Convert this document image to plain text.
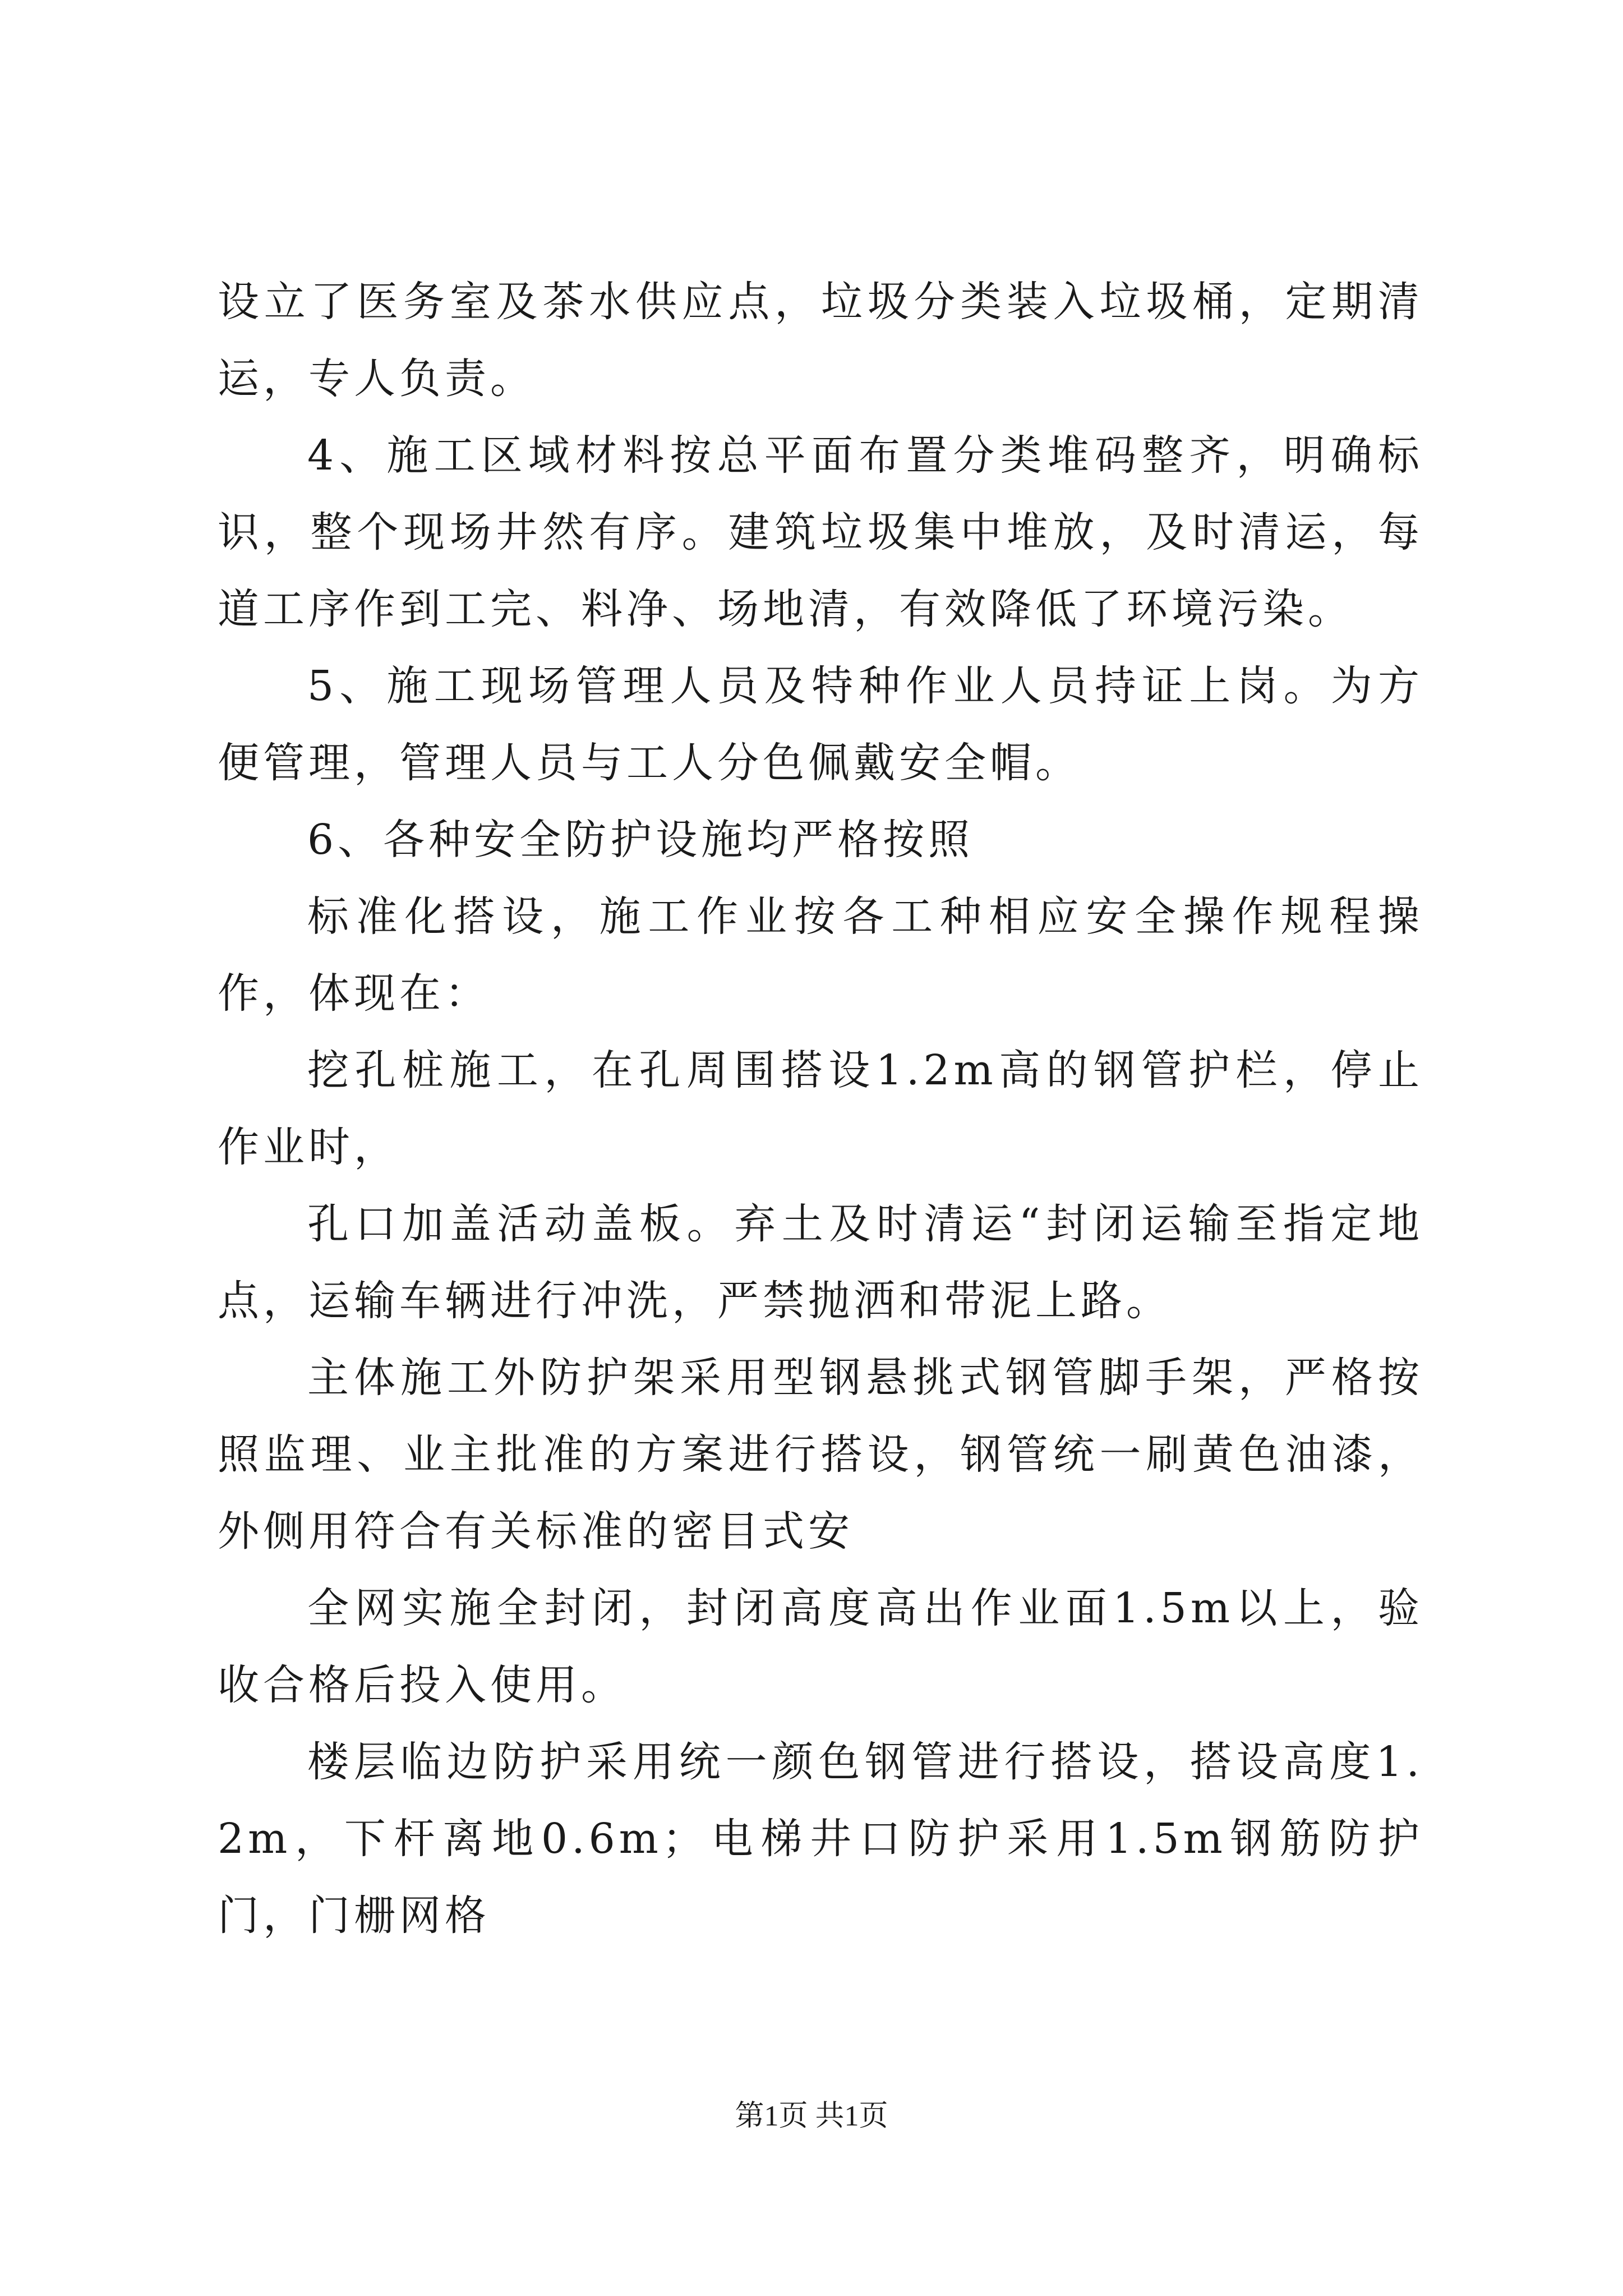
设立了医务室及茶水供应点，垃圾分类装入垃圾桶，定期清运，专人负责。

4、施工区域材料按总平面布置分类堆码整齐，明确标识，整个现场井然有序。建筑垃圾集中堆放，及时清运，每道工序作到工完、料净、场地清，有效降低了环境污染。

5、施工现场管理人员及特种作业人员持证上岗。为方便管理，管理人员与工人分色佩戴安全帽。

6、各种安全防护设施均严格按照

标准化搭设，施工作业按各工种相应安全操作规程操作，体现在：

挖孔桩施工，在孔周围搭设1.2m高的钢管护栏，停止作业时，

孔口加盖活动盖板。弃土及时清运“封闭运输至指定地点，运输车辆进行冲洗，严禁抛洒和带泥上路。

主体施工外防护架采用型钢悬挑式钢管脚手架，严格按照监理、业主批准的方案进行搭设，钢管统一刷黄色油漆，外侧用符合有关标准的密目式安

全网实施全封闭，封闭高度高出作业面1.5m以上，验收合格后投入使用。

楼层临边防护采用统一颜色钢管进行搭设，搭设高度1.2m，下杆离地0.6m；电梯井口防护采用1.5m钢筋防护门，门栅网格

第1页 共1页
